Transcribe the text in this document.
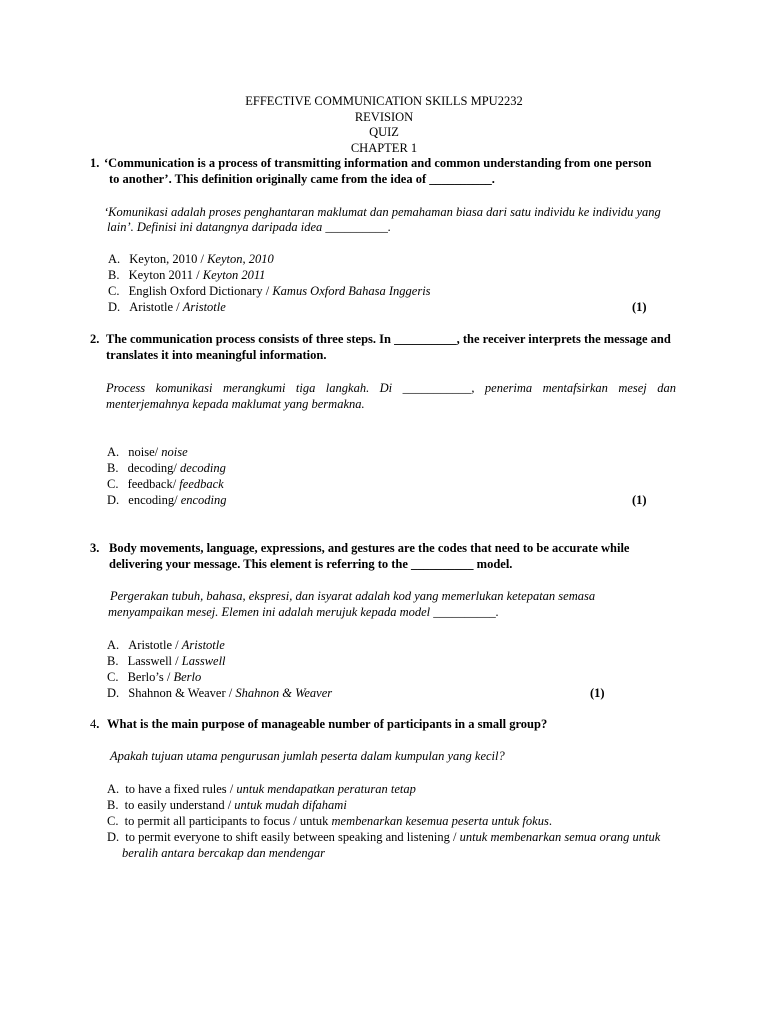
EFFECTIVE COMMUNICATION SKILLS MPU2232
REVISION
QUIZ
CHAPTER 1
1. ‘Communication is a process of transmitting information and common understanding from one person
to another’. This definition originally came from the idea of __________.
‘Komunikasi adalah proses penghantaran maklumat dan pemahaman biasa dari satu individu ke individu yang
lain’. Definisi ini datangnya daripada idea __________.
A. Keyton, 2010 / Keyton, 2010
B. Keyton 2011 / Keyton 2011
C. English Oxford Dictionary / Kamus Oxford Bahasa Inggeris
D. Aristotle / Aristotle	(1)
2. The communication process consists of three steps. In __________, the receiver interprets the message and
translates it into meaningful information.
Process komunikasi merangkumi tiga langkah. Di ___________, penerima mentafsirkan mesej dan
menterjemahnya kepada maklumat yang bermakna.
A. noise/ noise
B. decoding/ decoding
C. feedback/ feedback
D. encoding/ encoding	(1)
3. Body movements, language, expressions, and gestures are the codes that need to be accurate while
delivering your message. This element is referring to the __________ model.
Pergerakan tubuh, bahasa, ekspresi, dan isyarat adalah kod yang memerlukan ketepatan semasa
menyampaikan mesej. Elemen ini adalah merujuk kepada model __________.
A. Aristotle / Aristotle
B. Lasswell / Lasswell
C. Berlo’s / Berlo
D. Shahnon & Weaver / Shahnon & Weaver	(1)
4. What is the main purpose of manageable number of participants in a small group?
Apakah tujuan utama pengurusan jumlah peserta dalam kumpulan yang kecil?
A. to have a fixed rules / untuk mendapatkan peraturan tetap
B. to easily understand / untuk mudah difahami
C. to permit all participants to focus / untuk membenarkan kesemua peserta untuk fokus.
D. to permit everyone to shift easily between speaking and listening / untuk membenarkan semua orang untuk
beralih antara bercakap dan mendengar
